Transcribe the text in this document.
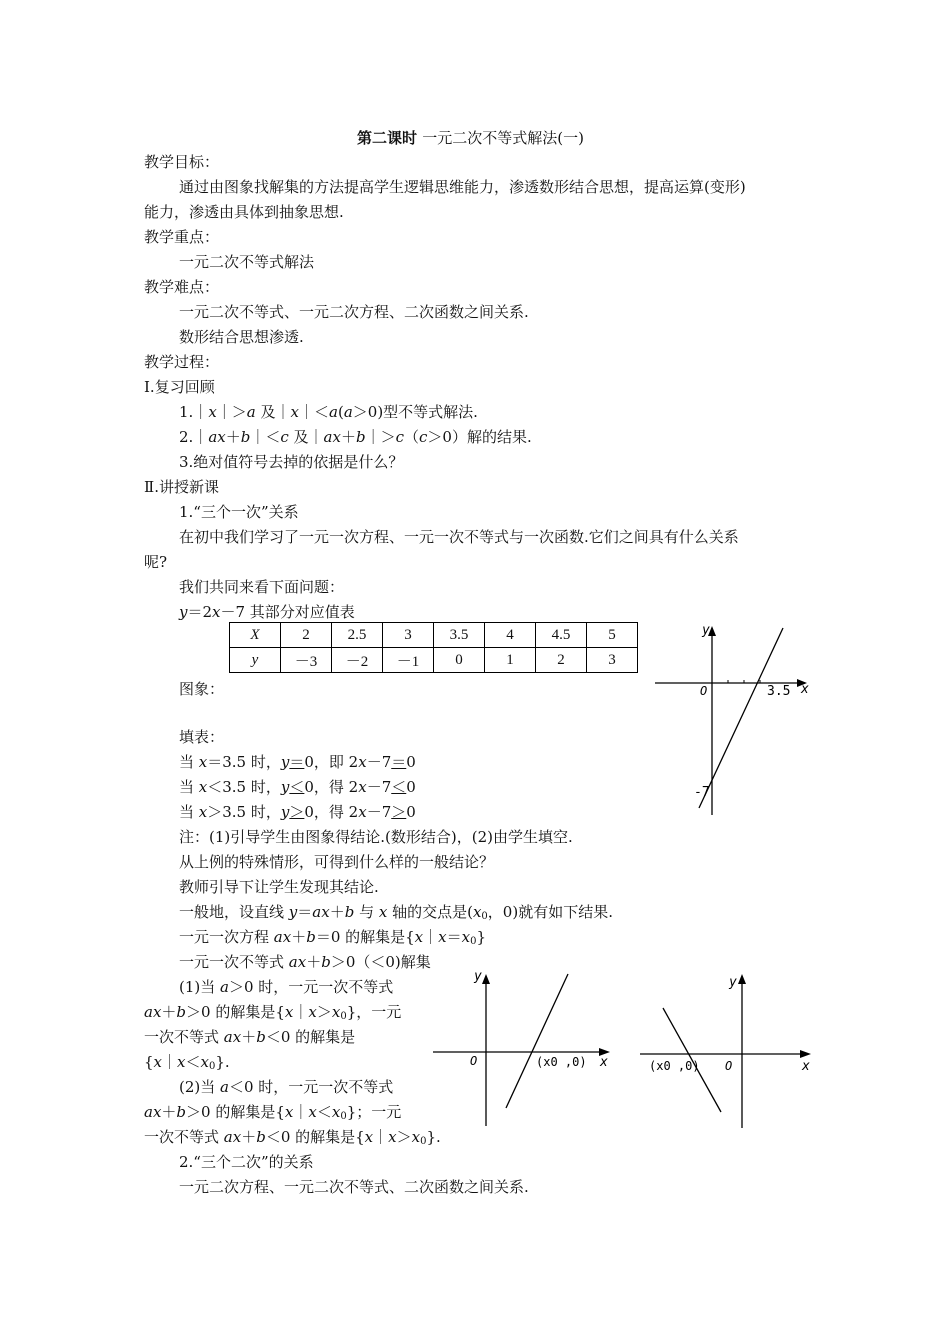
第二课时 一元二次不等式解法(一)
教学目标：
通过由图象找解集的方法提高学生逻辑思维能力，渗透数形结合思想，提高运算(变形)
能力，渗透由具体到抽象思想.
教学重点：
一元二次不等式解法
教学难点：
一元二次不等式、一元二次方程、二次函数之间关系.
数形结合思想渗透.
教学过程：
Ⅰ.复习回顾
1.｜x｜＞a 及｜x｜＜a(a＞0)型不等式解法.
2.｜ax＋b｜＜c 及｜ax＋b｜＞c（c＞0）解的结果.
3.绝对值符号去掉的依据是什么？
Ⅱ.讲授新课
1.“三个一次”关系
在初中我们学习了一元一次方程、一元一次不等式与一次函数.它们之间具有什么关系
呢?
我们共同来看下面问题：
y＝2x－7 其部分对应值表
X	2	2.5	3	3.5	4	4.5	5
y	－3	－2	－1	0	1	2	3
图象：
填表：
当 x＝3.5 时，y＝0，即 2x－7＝0
当 x＜3.5 时，y＜0，得 2x－7＜0
当 x＞3.5 时，y＞0，得 2x－7＞0
注：(1)引导学生由图象得结论.(数形结合)，(2)由学生填空.
从上例的特殊情形，可得到什么样的一般结论？
教师引导下让学生发现其结论.
一般地，设直线 y＝ax＋b 与 x 轴的交点是($x_0$，0)就有如下结果.
一元一次方程 ax＋b＝0 的解集是$\{x|x=x_0\}$
一元一次不等式 ax＋b＞0（＜0)解集
(1)当 a＞0 时，一元一次不等式
ax＋b＞0 的解集是$\{x|x>x_0\}$，一元
一次不等式 ax＋b＜0 的解集是
$\{x|x<x_0\}$.
(2)当 a＜0 时，一元一次不等式
ax＋b＞0 的解集是$\{x|x<x_0\}$；一元
一次不等式 ax＋b＜0 的解集是$\{x|x>x_0\}$.
2.“三个二次”的关系
一元二次方程、一元二次不等式、二次函数之间关系.
y
O	3.5 x
-7
y
O	(x0 ,0) x
y
O
(x0 ,0)	x
